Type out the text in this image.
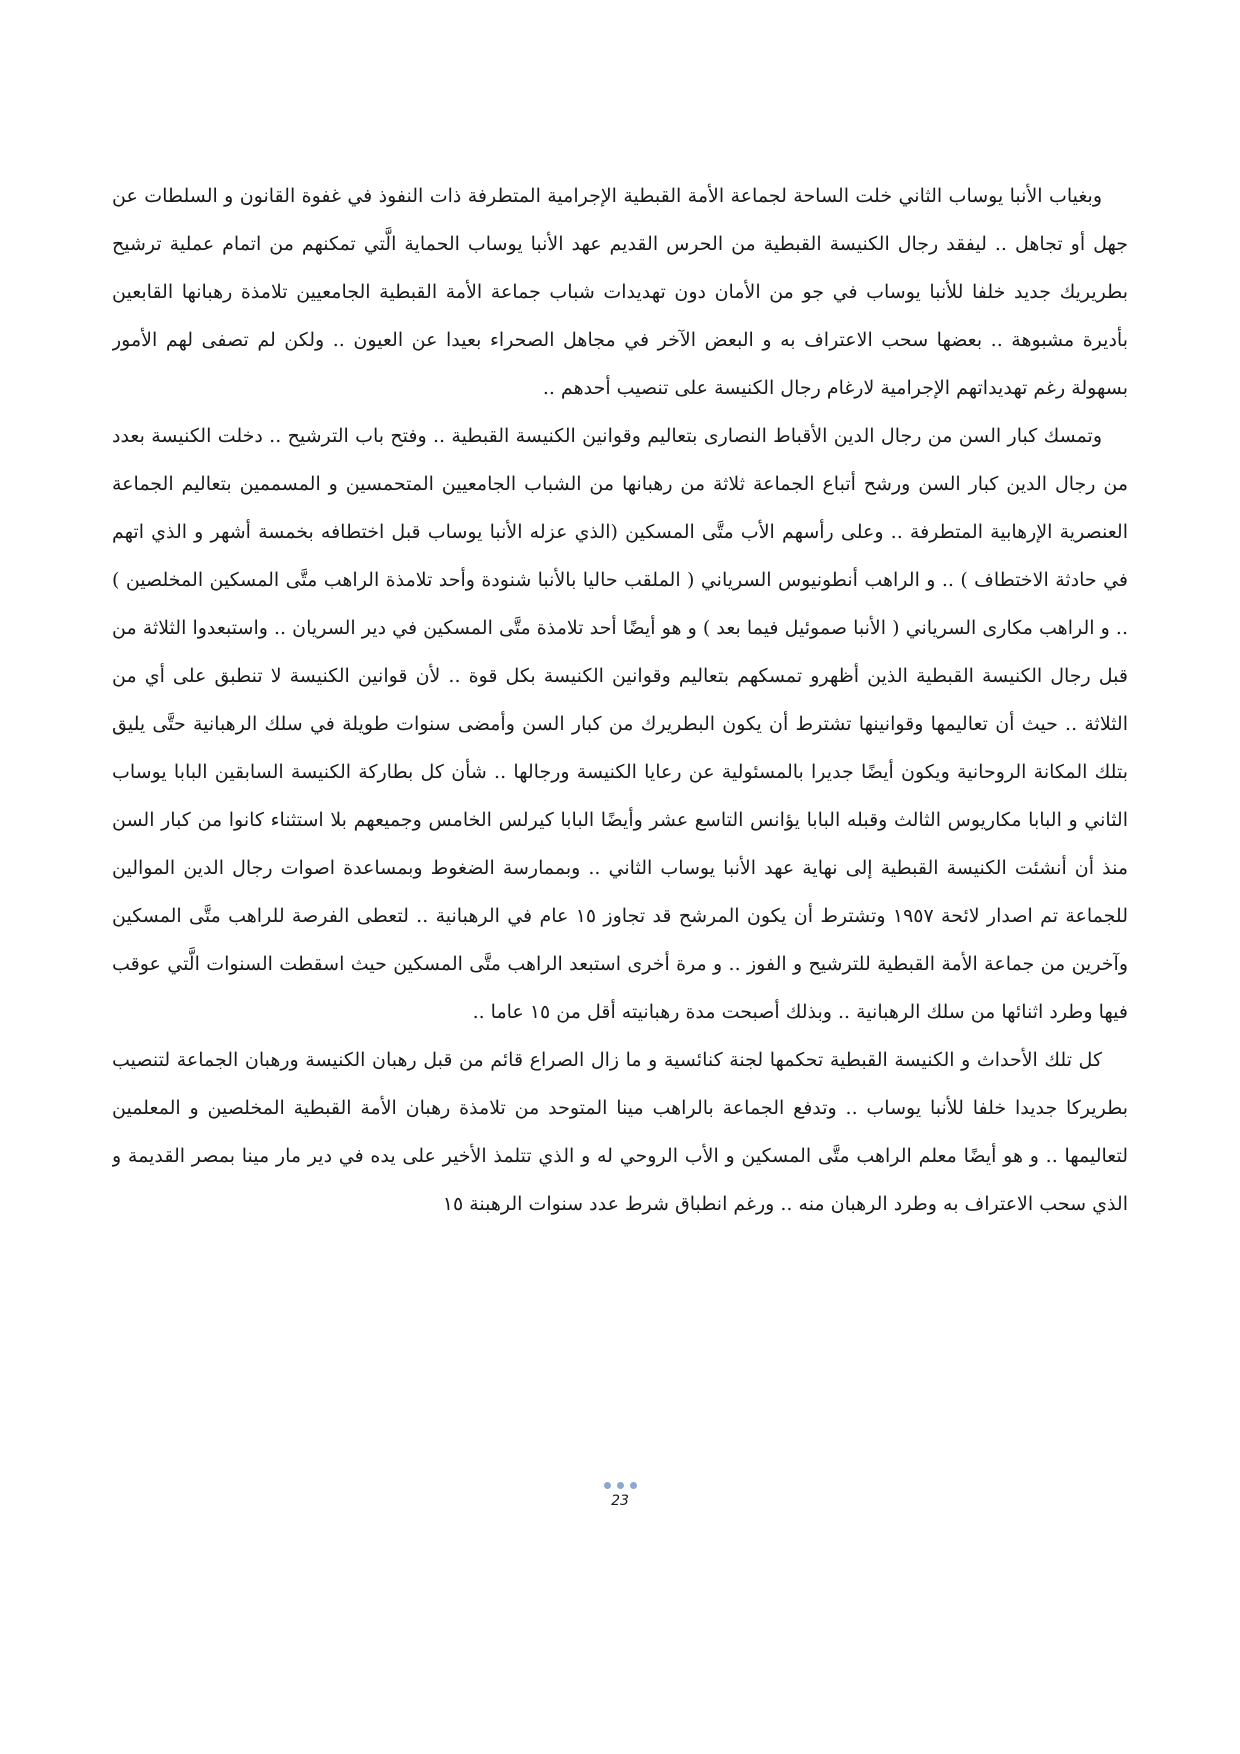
وبغياب الأنبا يوساب الثاني خلت الساحة لجماعة الأمة القبطية الإجرامية المتطرفة ذات النفوذ في غفوة القانون و السلطات عن جهل أو تجاهل .. ليفقد رجال الكنيسة القبطية من الحرس القديم عهد الأنبا يوساب الحماية الَّتي تمكنهم من اتمام عملية ترشيح بطريريك جديد خلفا للأنبا يوساب في جو من الأمان دون تهديدات شباب جماعة الأمة القبطية الجامعيين تلامذة رهبانها القابعين بأديرة مشبوهة .. بعضها سحب الاعتراف به و البعض الآخر في مجاهل الصحراء بعيدا عن العيون .. ولكن لم تصفى لهم الأمور بسهولة رغم تهديداتهم الإجرامية لارغام رجال الكنيسة على تنصيب أحدهم ..

وتمسك كبار السن من رجال الدين الأقباط النصارى بتعاليم وقوانين الكنيسة القبطية .. وفتح باب الترشيح .. دخلت الكنيسة بعدد من رجال الدين كبار السن ورشح أتباع الجماعة ثلاثة من رهبانها من الشباب الجامعيين المتحمسين و المسممين بتعاليم الجماعة العنصرية الإرهابية المتطرفة .. وعلى رأسهم الأب متَّى المسكين (الذي عزله الأنبا يوساب قبل اختطافه بخمسة أشهر و الذي اتهم في حادثة الاختطاف ) .. و الراهب أنطونيوس السرياني ( الملقب حاليا بالأنبا شنودة وأحد تلامذة الراهب متَّى المسكين المخلصين ) .. و الراهب مكارى السرياني ( الأنبا صموئيل فيما بعد ) و هو أيضًا أحد تلامذة متَّى المسكين في دير السريان .. واستبعدوا الثلاثة من قبل رجال الكنيسة القبطية الذين أظهرو تمسكهم بتعاليم وقوانين الكنيسة بكل قوة .. لأن قوانين الكنيسة لا تنطبق على أي من الثلاثة .. حيث أن تعاليمها وقوانينها تشترط أن يكون البطريرك من كبار السن وأمضى سنوات طويلة في سلك الرهبانية حتَّى يليق بتلك المكانة الروحانية ويكون أيضًا جديرا بالمسئولية عن رعايا الكنيسة ورجالها .. شأن كل بطاركة الكنيسة السابقين البابا يوساب الثاني و البابا مكاريوس الثالث وقبله البابا يؤانس التاسع عشر وأيضًا البابا كيرلس الخامس وجميعهم بلا استثناء كانوا من كبار السن منذ أن أنشئت الكنيسة القبطية إلى نهاية عهد الأنبا يوساب الثاني .. وبممارسة الضغوط وبمساعدة اصوات رجال الدين الموالين للجماعة تم اصدار لائحة ١٩٥٧ وتشترط أن يكون المرشح قد تجاوز ١٥ عام في الرهبانية .. لتعطى الفرصة للراهب متَّى المسكين وآخرين من جماعة الأمة القبطية للترشيح و الفوز .. و مرة أخرى استبعد الراهب متَّى المسكين حيث اسقطت السنوات الَّتي عوقب فيها وطرد اثنائها من سلك الرهبانية .. وبذلك أصبحت مدة رهبانيته أقل من ١٥ عاما ..

كل تلك الأحداث و الكنيسة القبطية تحكمها لجنة كنائسية و ما زال الصراع قائم من قبل رهبان الكنيسة ورهبان الجماعة لتنصيب بطريركا جديدا خلفا للأنبا يوساب .. وتدفع الجماعة بالراهب مينا المتوحد من تلامذة رهبان الأمة القبطية المخلصين و المعلمين لتعاليمها .. و هو أيضًا معلم الراهب متَّى المسكين و الأب الروحي له و الذي تتلمذ الأخير على يده في دير مار مينا بمصر القديمة و الذي سحب الاعتراف به وطرد الرهبان منه .. ورغم انطباق شرط عدد سنوات الرهبنة ١٥

23
